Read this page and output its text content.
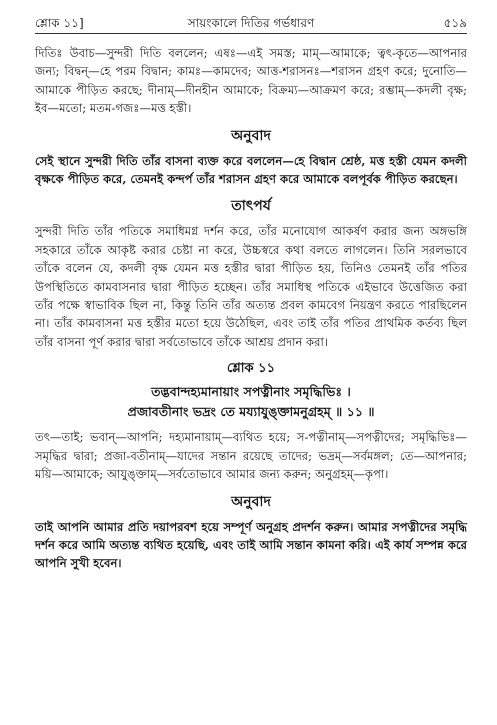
শ্লোক ১১]	সায়ংকালে দিতির গর্ভধারণ	৫১৯

দিতিঃ উবাচ—সুন্দরী দিতি বললেন; এষঃ—এই সমস্ত; মাম্—আমাকে; ত্বৎ-কৃতে—আপনার জন্য; বিদ্বন্—হে পরম বিদ্বান; কামঃ—কামদেব; আত্ত-শরাসনঃ—শরাসন গ্রহণ করে; দুনোতি—আমাকে পীড়িত করছে; দীনাম্—দীনহীন আমাকে; বিক্রম্য—আক্রমণ করে; রম্ভাম্—কদলী বৃক্ষ; ইব—মতো; মতম-গজঃ—মত্ত হস্তী।

অনুবাদ

সেই স্থানে সুন্দরী দিতি তাঁর বাসনা ব্যক্ত করে বললেন—হে বিদ্বান শ্রেষ্ঠ, মত্ত হস্তী যেমন কদলী বৃক্ষকে পীড়িত করে, তেমনই কন্দর্প তাঁর শরাসন গ্রহণ করে আমাকে বলপূর্বক পীড়িত করছেন।

তাৎপর্য

সুন্দরী দিতি তাঁর পতিকে সমাধিমগ্ন দর্শন করে, তাঁর মনোযোগ আকর্ষণ করার জন্য অঙ্গভঙ্গি সহকারে তাঁকে আকৃষ্ট করার চেষ্টা না করে, উচ্চস্বরে কথা বলতে লাগলেন। তিনি সরলভাবে তাঁকে বলেন যে, কদলী বৃক্ষ যেমন মত্ত হস্তীর দ্বারা পীড়িত হয়, তিনিও তেমনই তাঁর পতির উপস্থিতিতে কামবাসনার দ্বারা পীড়িত হচ্ছেন। তাঁর সমাধিস্থ পতিকে এইভাবে উত্তেজিত করা তাঁর পক্ষে স্বাভাবিক ছিল না, কিন্তু তিনি তাঁর অত্যন্ত প্রবল কামবেগ নিয়ন্ত্রণ করতে পারছিলেন না। তাঁর কামবাসনা মত্ত হস্তীর মতো হয়ে উঠেছিল, এবং তাই তাঁর পতির প্রাথমিক কর্তব্য ছিল তাঁর বাসনা পূর্ণ করার দ্বারা সর্বতোভাবে তাঁকে আশ্রয় প্রদান করা।

শ্লোক ১১
তদ্ভবান্দহ্যমানায়াং সপত্নীনাং সমৃদ্ধিভিঃ ।
প্রজাবতীনাং ভদ্রং তে ময্যাযুঙ্ক্তামনুগ্রহম্ ॥ ১১ ॥

তৎ—তাই; ভবান্—আপনি; দহ্যমানায়াম্—ব্যথিত হয়ে; স-পত্নীনাম্—সপত্নীদের; সমৃদ্ধিভিঃ—সমৃদ্ধির দ্বারা; প্রজা-বতীনাম্—যাদের সন্তান রয়েছে তাদের; ভদ্রম্—সর্বমঙ্গল; তে—আপনার; ময়ি—আমাকে; আযুঙ্ক্তাম্—সর্বতোভাবে আমার জন্য করুন; অনুগ্রহম্—কৃপা।

অনুবাদ

তাই আপনি আমার প্রতি দয়াপরবশ হয়ে সম্পূর্ণ অনুগ্রহ প্রদর্শন করুন। আমার সপত্নীদের সমৃদ্ধি দর্শন করে আমি অত্যন্ত ব্যথিত হয়েছি, এবং তাই আমি সন্তান কামনা করি। এই কার্য সম্পন্ন করে আপনি সুখী হবেন।
